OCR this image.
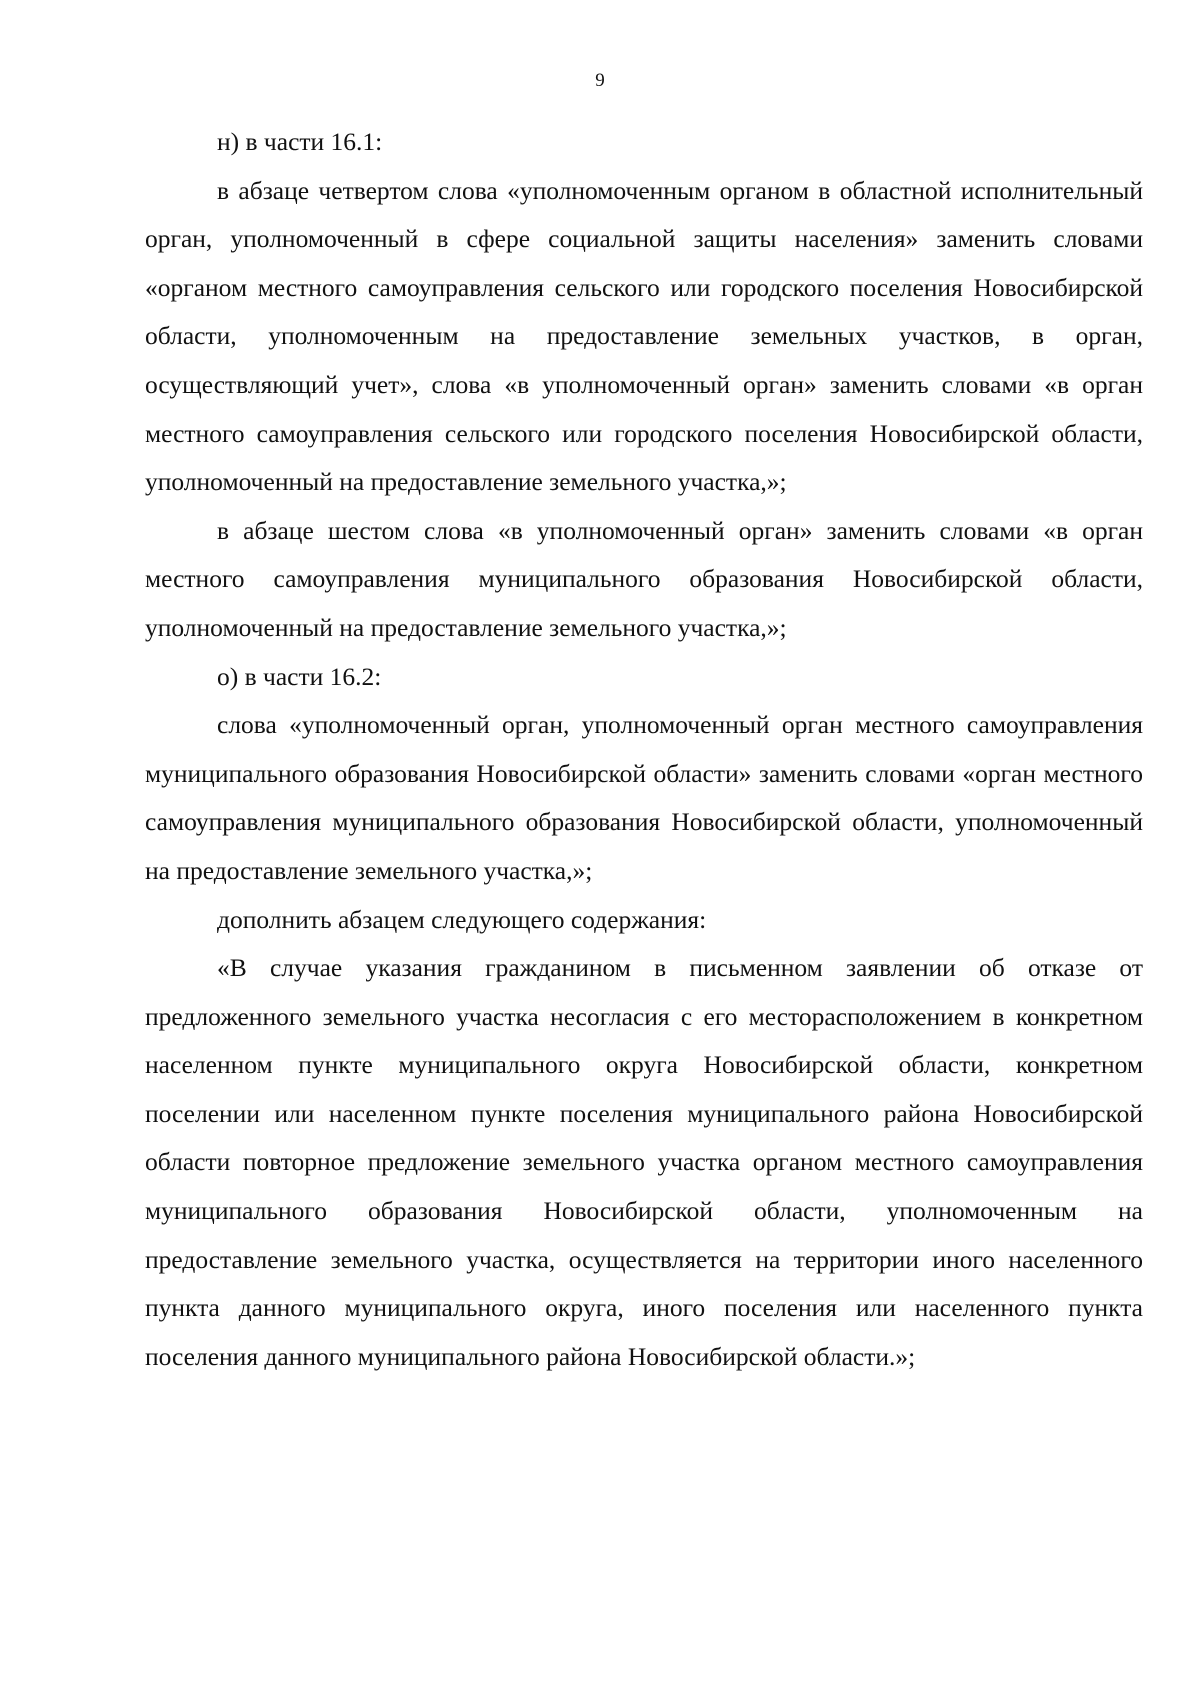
9

н) в части 16.1:

в абзаце четвертом слова «уполномоченным органом в областной исполнительный орган, уполномоченный в сфере социальной защиты населения» заменить словами «органом местного самоуправления сельского или городского поселения Новосибирской области, уполномоченным на предоставление земельных участков, в орган, осуществляющий учет», слова «в уполномоченный орган» заменить словами «в орган местного самоуправления сельского или городского поселения Новосибирской области, уполномоченный на предоставление земельного участка,»;

в абзаце шестом слова «в уполномоченный орган» заменить словами «в орган местного самоуправления муниципального образования Новосибирской области, уполномоченный на предоставление земельного участка,»;

о) в части 16.2:

слова «уполномоченный орган, уполномоченный орган местного самоуправления муниципального образования Новосибирской области» заменить словами «орган местного самоуправления муниципального образования Новосибирской области, уполномоченный на предоставление земельного участка,»;

дополнить абзацем следующего содержания:

«В случае указания гражданином в письменном заявлении об отказе от предложенного земельного участка несогласия с его месторасположением в конкретном населенном пункте муниципального округа Новосибирской области, конкретном поселении или населенном пункте поселения муниципального района Новосибирской области повторное предложение земельного участка органом местного самоуправления муниципального образования Новосибирской области, уполномоченным на предоставление земельного участка, осуществляется на территории иного населенного пункта данного муниципального округа, иного поселения или населенного пункта поселения данного муниципального района Новосибирской области.»;
